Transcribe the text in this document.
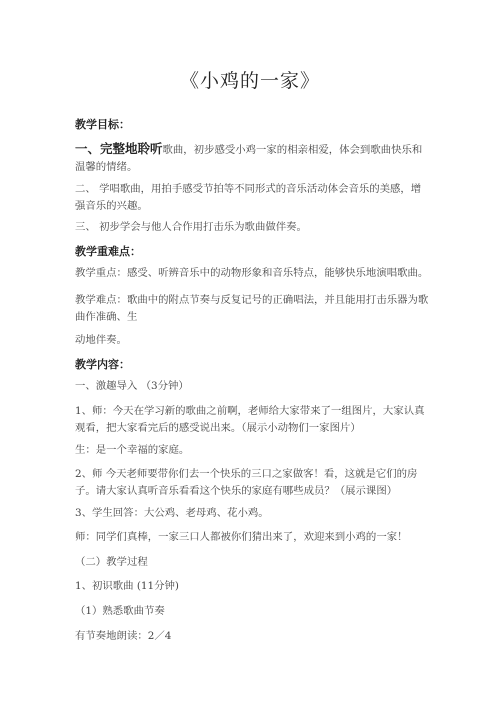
《小鸡的一家》

教学目标：

一、完整地聆听歌曲，初步感受小鸡一家的相亲相爱，体会到歌曲快乐和温馨的情绪。

二、 学唱歌曲，用拍手感受节拍等不同形式的音乐活动体会音乐的美感，增强音乐的兴趣。

三、 初步学会与他人合作用打击乐为歌曲做伴奏。

教学重难点：

教学重点：感受、听辨音乐中的动物形象和音乐特点，能够快乐地演唱歌曲。

教学难点：歌曲中的附点节奏与反复记号的正确唱法，并且能用打击乐器为歌曲作准确、生

动地伴奏。

教学内容：

一、激趣导入 （3分钟）

1、师：今天在学习新的歌曲之前啊，老师给大家带来了一组图片，大家认真观看，把大家看完后的感受说出来。（展示小动物们一家图片）

生：是一个幸福的家庭。

2、师 今天老师要带你们去一个快乐的三口之家做客！看，这就是它们的房子。请大家认真听音乐看看这个快乐的家庭有哪些成员？（展示课图）

3、学生回答：大公鸡、老母鸡、花小鸡。

师：同学们真棒，一家三口人都被你们猜出来了，欢迎来到小鸡的一家！

（二）教学过程

1、初识歌曲 (11分钟)

（1）熟悉歌曲节奏

有节奏地朗读：2／4
